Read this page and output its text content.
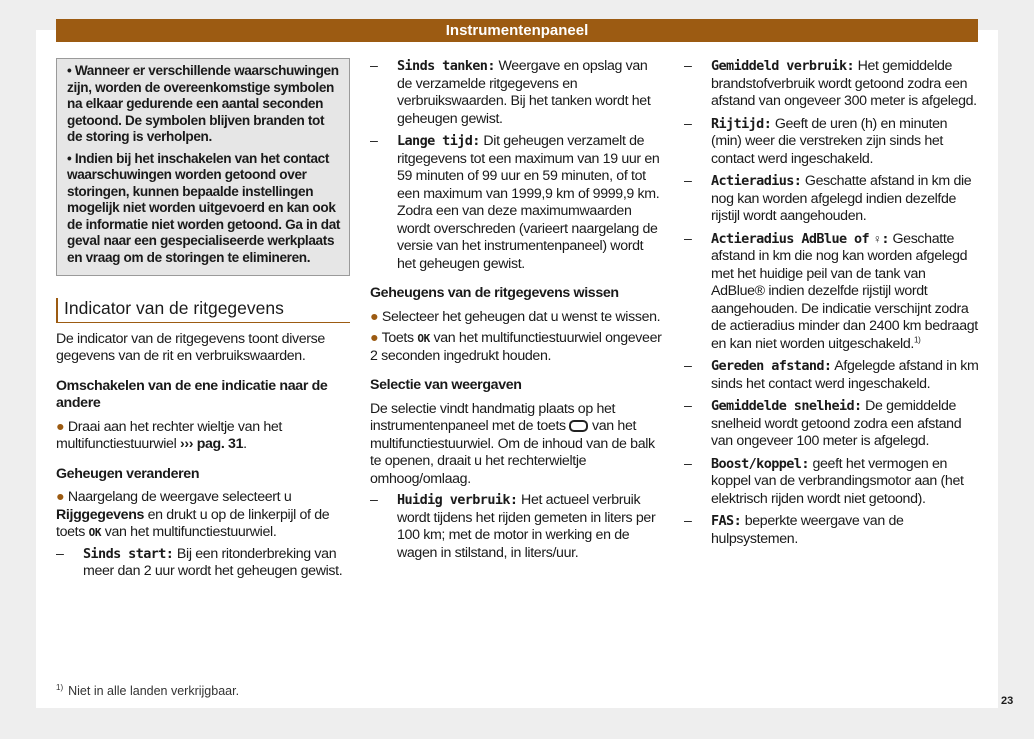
Instrumentenpaneel

• Wanneer er verschillende waarschuwingen zijn, worden de overeenkomstige symbolen na elkaar gedurende een aantal seconden getoond. De symbolen blijven branden tot de storing is verholpen.

• Indien bij het inschakelen van het contact waarschuwingen worden getoond over storingen, kunnen bepaalde instellingen mogelijk niet worden uitgevoerd en kan ook de informatie niet worden getoond. Ga in dat geval naar een gespecialiseerde werkplaats en vraag om de storingen te elimineren.

Indicator van de ritgegevens

De indicator van de ritgegevens toont diverse gegevens van de rit en verbruikswaarden.

Omschakelen van de ene indicatie naar de andere

● Draai aan het rechter wieltje van het multifunctiestuurwiel ››› pag. 31.

Geheugen veranderen

● Naargelang de weergave selecteert u Rijggegevens en drukt u op de linkerpijl of de toets OK van het multifunctiestuurwiel.

–	Sinds start: Bij een ritonderbreking van meer dan 2 uur wordt het geheugen gewist.
–	Sinds tanken: Weergave en opslag van de verzamelde ritgegevens en verbruikswaarden. Bij het tanken wordt het geheugen gewist.
–	Lange tijd: Dit geheugen verzamelt de ritgegevens tot een maximum van 19 uur en 59 minuten of 99 uur en 59 minuten, of tot een maximum van 1999,9 km of 9999,9 km. Zodra een van deze maximumwaarden wordt overschreden (varieert naargelang de versie van het instrumentenpaneel) wordt het geheugen gewist.
Geheugens van de ritgegevens wissen

● Selecteer het geheugen dat u wenst te wissen.

● Toets OK van het multifunctiestuurwiel ongeveer 2 seconden ingedrukt houden.

Selectie van weergaven

De selectie vindt handmatig plaats op het instrumentenpaneel met de toets  van het multifunctiestuurwiel. Om de inhoud van de balk te openen, draait u het rechterwieltje omhoog/omlaag.

–	Huidig verbruik: Het actueel verbruik wordt tijdens het rijden gemeten in liters per 100 km; met de motor in werking en de wagen in stilstand, in liters/uur.
–	Gemiddeld verbruik: Het gemiddelde brandstofverbruik wordt getoond zodra een afstand van ongeveer 300 meter is afgelegd.
–	Rijtijd: Geeft de uren (h) en minuten (min) weer die verstreken zijn sinds het contact werd ingeschakeld.
–	Actieradius: Geschatte afstand in km die nog kan worden afgelegd indien dezelfde rijstijl wordt aangehouden.
–	Actieradius AdBlue of ♀: Geschatte afstand in km die nog kan worden afgelegd met het huidige peil van de tank van AdBlue® indien dezelfde rijstijl wordt aangehouden. De indicatie verschijnt zodra de actieradius minder dan 2400 km bedraagt en kan niet worden uitgeschakeld.$^{1)}$
–	Gereden afstand: Afgelegde afstand in km sinds het contact werd ingeschakeld.
–	Gemiddelde snelheid: De gemiddelde snelheid wordt getoond zodra een afstand van ongeveer 100 meter is afgelegd.
–	Boost/koppel: geeft het vermogen en koppel van de verbrandingsmotor aan (het elektrisch rijden wordt niet getoond).
–	FAS: beperkte weergave van de hulpsystemen.
$^{1)}$ Niet in alle landen verkrijgbaar.
23
